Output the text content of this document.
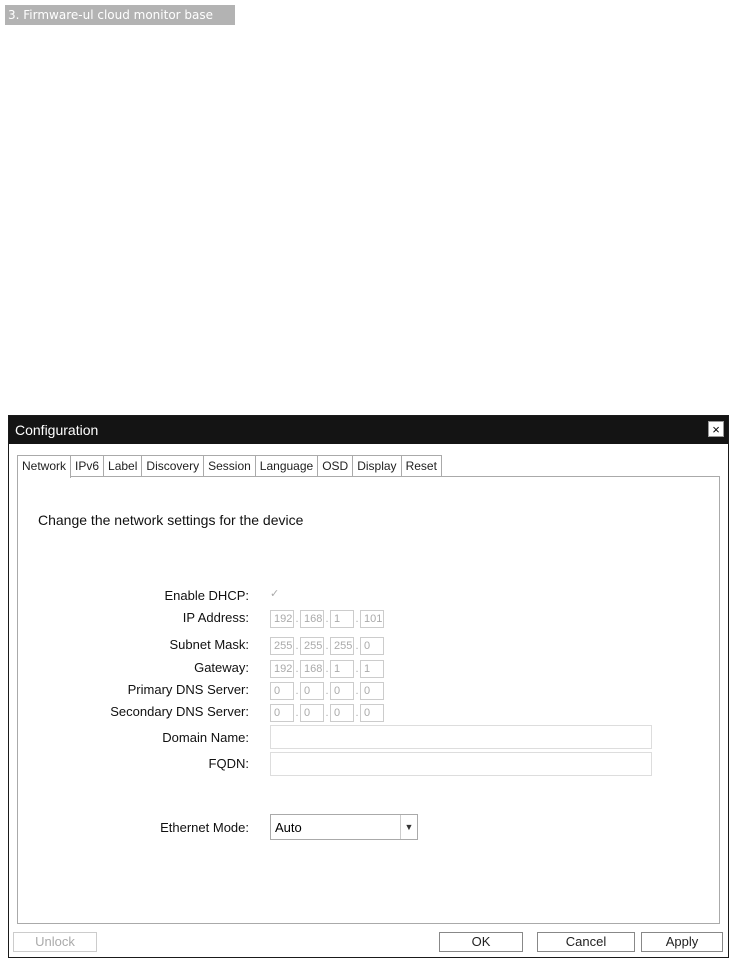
3. Firmware-ul cloud monitor base
Configuration	×
Network IPv6 Label Discovery Session Language OSD Display Reset
Change the network settings for the device
Enable DHCP: ✓
IP Address:	192 . 168 . 1	. 101
Subnet Mask:	255 . 255 . 255 . 0
Gateway:	192 . 168 . 1	. 1
Primary DNS Server:	0	. 0	. 0	. 0
Secondary DNS Server:	0	. 0	. 0	. 0
Domain Name:
FQDN:
Ethernet Mode: Auto	▼
Unlock	OK	Cancel	Apply
